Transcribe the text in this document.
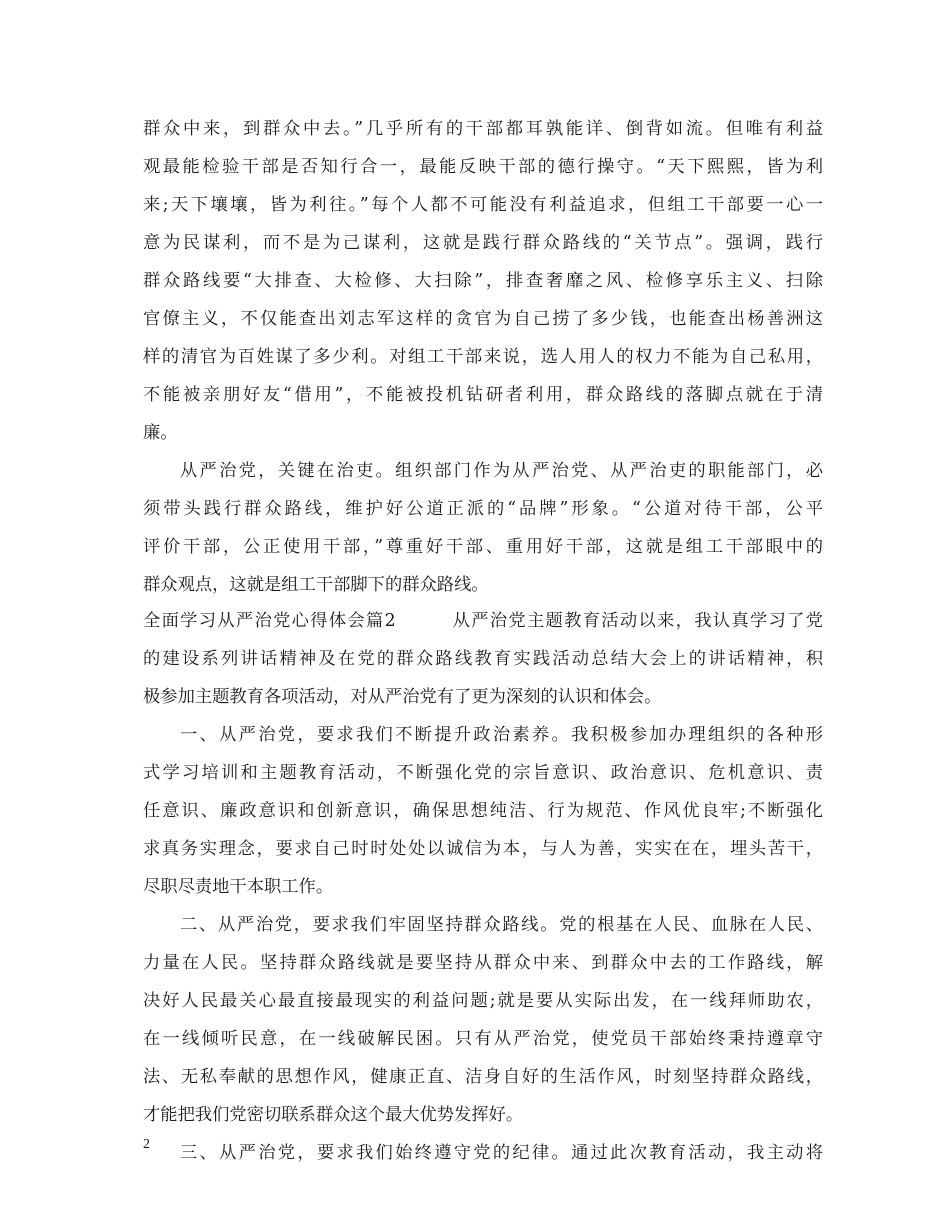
群众中来，到群众中去。”几乎所有的干部都耳孰能详、倒背如流。但唯有利益
观最能检验干部是否知行合一，最能反映干部的德行操守。“天下熙熙，皆为利
来;天下壤壤，皆为利往。”每个人都不可能没有利益追求，但组工干部要一心一
意为民谋利，而不是为己谋利，这就是践行群众路线的“关节点”。强调，践行
群众路线要“大排查、大检修、大扫除”，排查奢靡之风、检修享乐主义、扫除
官僚主义，不仅能查出刘志军这样的贪官为自己捞了多少钱，也能查出杨善洲这
样的清官为百姓谋了多少利。对组工干部来说，选人用人的权力不能为自己私用，
不能被亲朋好友“借用”，不能被投机钻研者利用，群众路线的落脚点就在于清
廉。
从严治党，关键在治吏。组织部门作为从严治党、从严治吏的职能部门，必
须带头践行群众路线，维护好公道正派的“品牌”形象。“公道对待干部，公平
评价干部，公正使用干部，”尊重好干部、重用好干部，这就是组工干部眼中的
群众观点，这就是组工干部脚下的群众路线。
全面学习从严治党心得体会篇2　　　从严治党主题教育活动以来，我认真学习了党
的建设系列讲话精神及在党的群众路线教育实践活动总结大会上的讲话精神，积
极参加主题教育各项活动，对从严治党有了更为深刻的认识和体会。
一、从严治党，要求我们不断提升政治素养。我积极参加办理组织的各种形
式学习培训和主题教育活动，不断强化党的宗旨意识、政治意识、危机意识、责
任意识、廉政意识和创新意识，确保思想纯洁、行为规范、作风优良牢;不断强化
求真务实理念，要求自己时时处处以诚信为本，与人为善，实实在在，埋头苦干，
尽职尽责地干本职工作。
二、从严治党，要求我们牢固坚持群众路线。党的根基在人民、血脉在人民、
力量在人民。坚持群众路线就是要坚持从群众中来、到群众中去的工作路线，解
决好人民最关心最直接最现实的利益问题;就是要从实际出发，在一线拜师助农，
在一线倾听民意，在一线破解民困。只有从严治党，使党员干部始终秉持遵章守
法、无私奉献的思想作风，健康正直、洁身自好的生活作风，时刻坚持群众路线，
才能把我们党密切联系群众这个最大优势发挥好。
三、从严治党，要求我们始终遵守党的纪律。通过此次教育活动，我主动将
2
